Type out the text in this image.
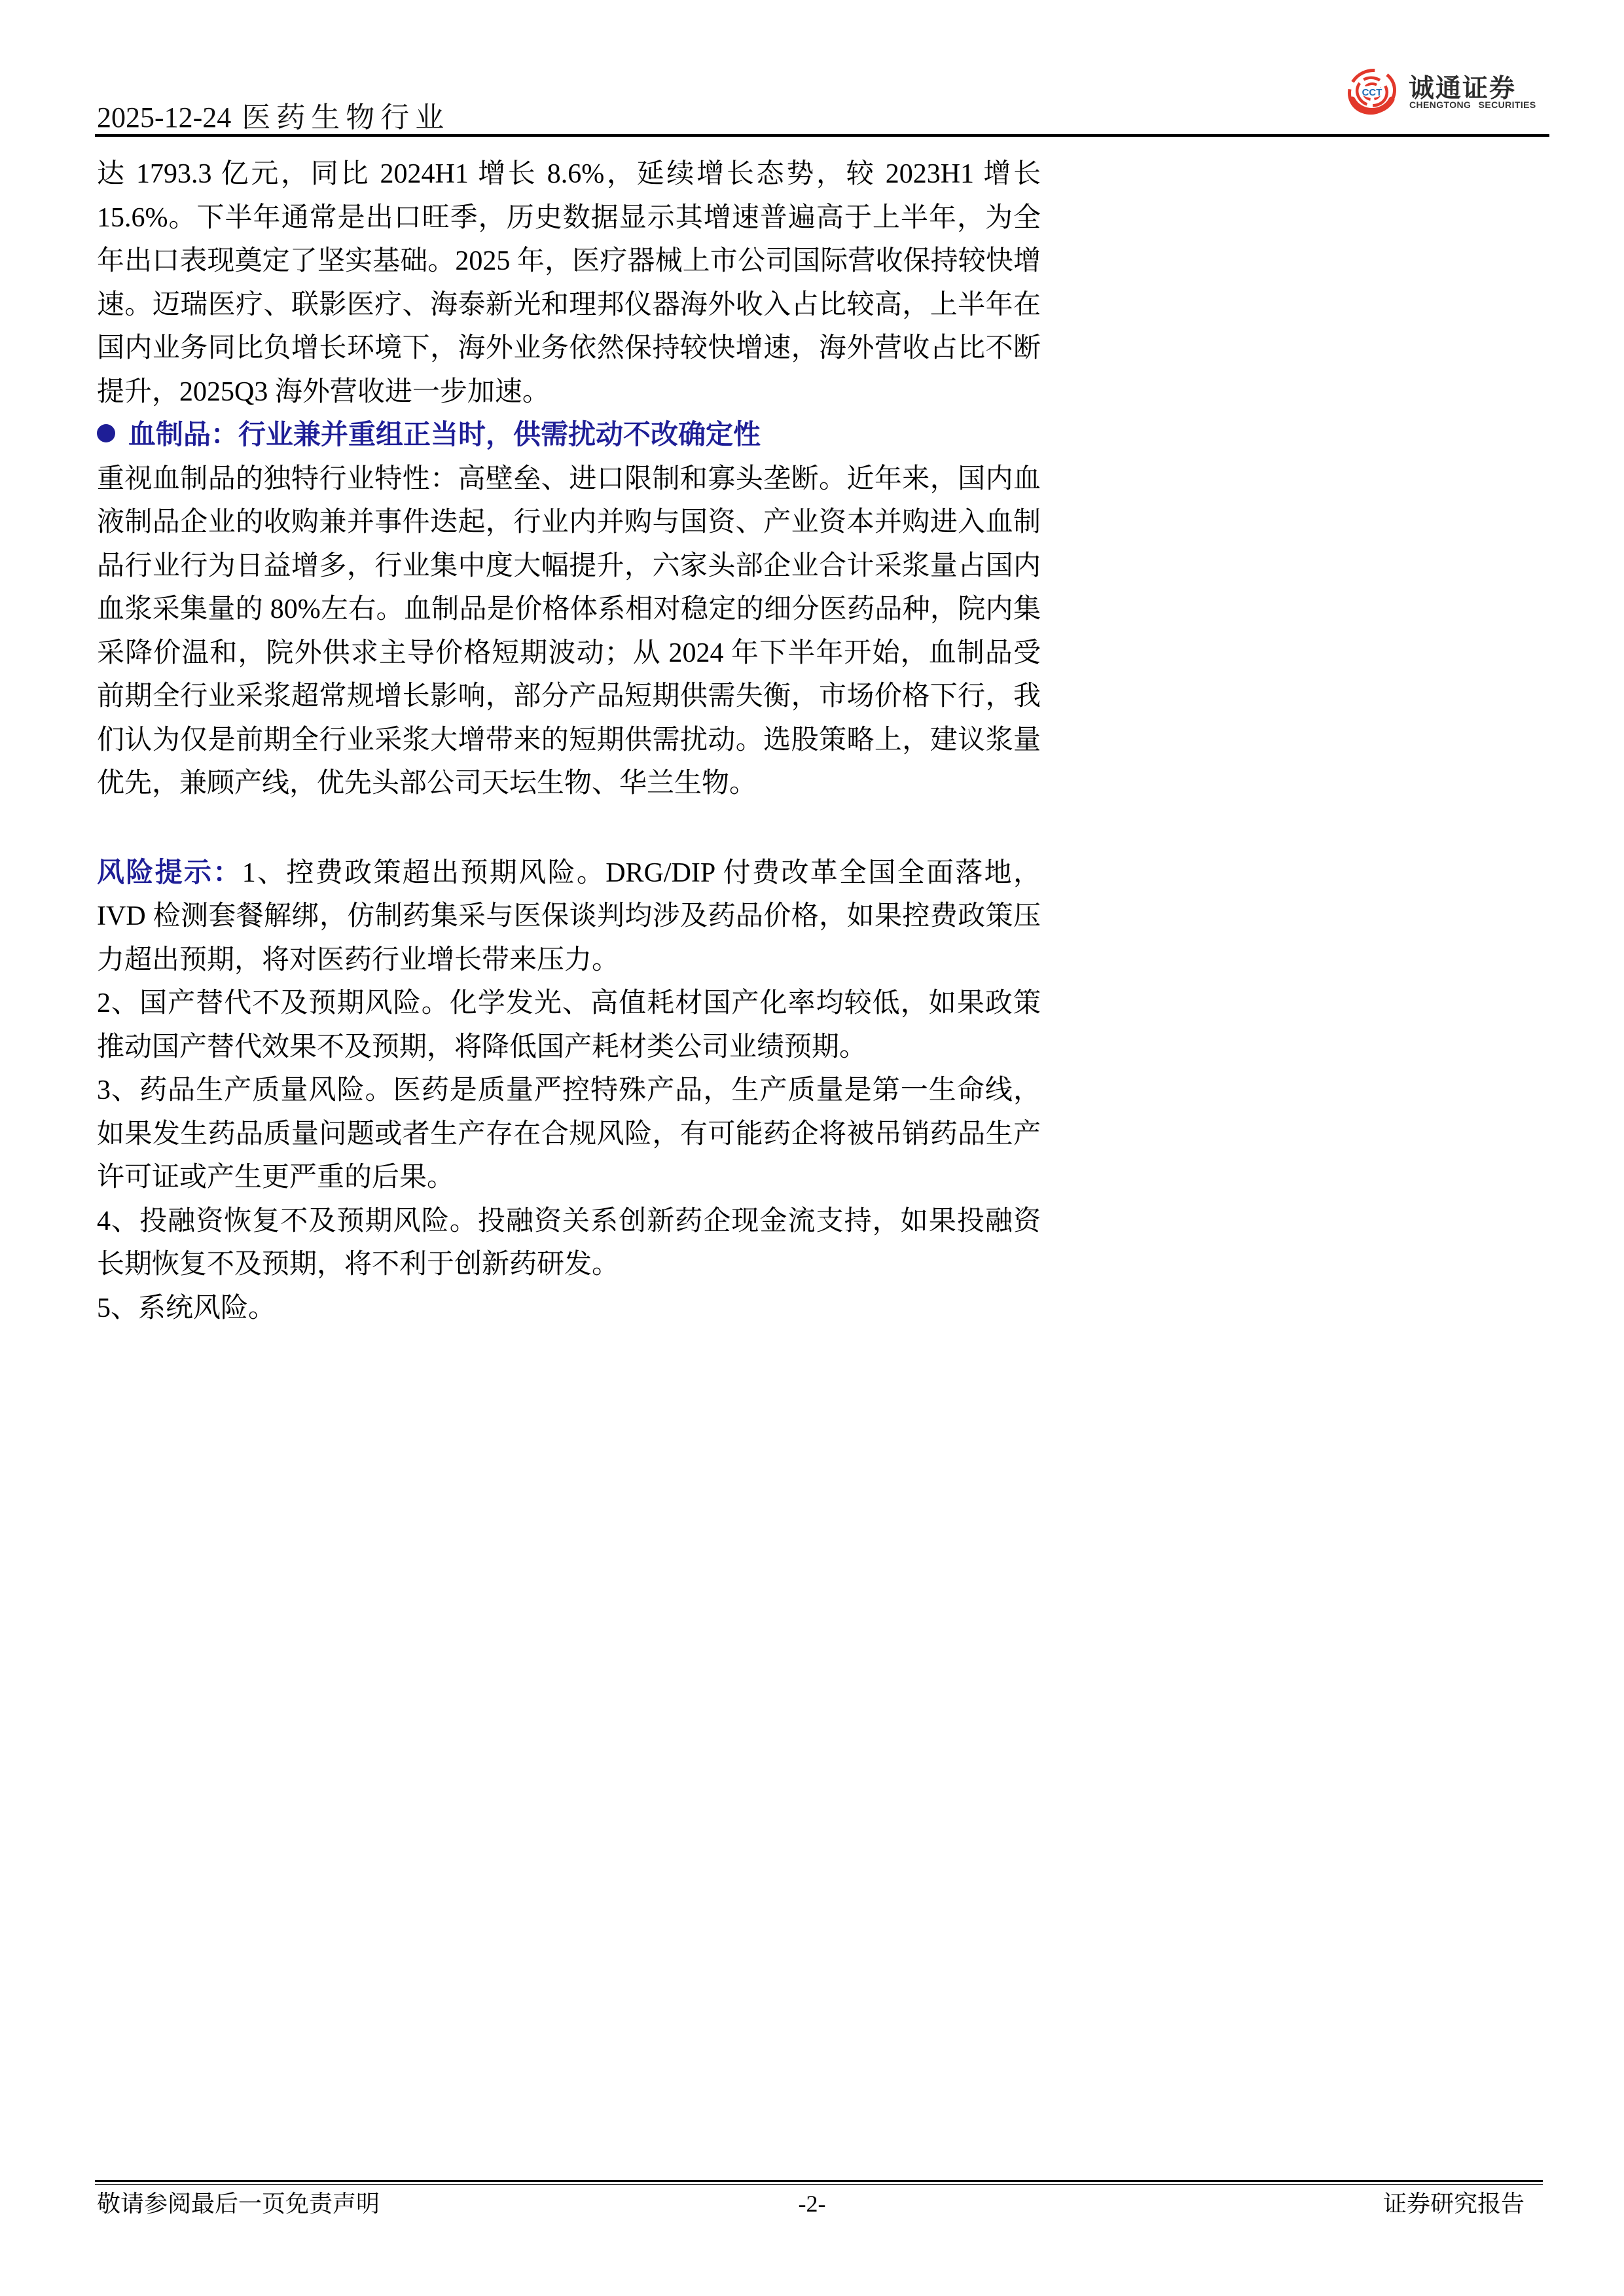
2025-12-24 医药生物行业
CCT 诚通证券
CHENGTONG SECURITIES

达 1793.3 亿元，同比 2024H1 增长 8.6%，延续增长态势，较 2023H1 增长 15.6%。下半年通常是出口旺季，历史数据显示其增速普遍高于上半年，为全年出口表现奠定了坚实基础。2025 年，医疗器械上市公司国际营收保持较快增速。迈瑞医疗、联影医疗、海泰新光和理邦仪器海外收入占比较高，上半年在国内业务同比负增长环境下，海外业务依然保持较快增速，海外营收占比不断提升，2025Q3 海外营收进一步加速。

血制品：行业兼并重组正当时，供需扰动不改确定性

重视血制品的独特行业特性：高壁垒、进口限制和寡头垄断。近年来，国内血液制品企业的收购兼并事件迭起，行业内并购与国资、产业资本并购进入血制品行业行为日益增多，行业集中度大幅提升，六家头部企业合计采浆量占国内血浆采集量的 80%左右。血制品是价格体系相对稳定的细分医药品种，院内集采降价温和，院外供求主导价格短期波动；从 2024 年下半年开始，血制品受前期全行业采浆超常规增长影响，部分产品短期供需失衡，市场价格下行，我们认为仅是前期全行业采浆大增带来的短期供需扰动。选股策略上，建议浆量优先，兼顾产线，优先头部公司天坛生物、华兰生物。

风险提示：1、控费政策超出预期风险。DRG/DIP 付费改革全国全面落地，IVD 检测套餐解绑，仿制药集采与医保谈判均涉及药品价格，如果控费政策压力超出预期，将对医药行业增长带来压力。

2、国产替代不及预期风险。化学发光、高值耗材国产化率均较低，如果政策推动国产替代效果不及预期，将降低国产耗材类公司业绩预期。

3、药品生产质量风险。医药是质量严控特殊产品，生产质量是第一生命线，如果发生药品质量问题或者生产存在合规风险，有可能药企将被吊销药品生产许可证或产生更严重的后果。

4、投融资恢复不及预期风险。投融资关系创新药企现金流支持，如果投融资长期恢复不及预期，将不利于创新药研发。

5、系统风险。

敬请参阅最后一页免责声明	-2-	证券研究报告
